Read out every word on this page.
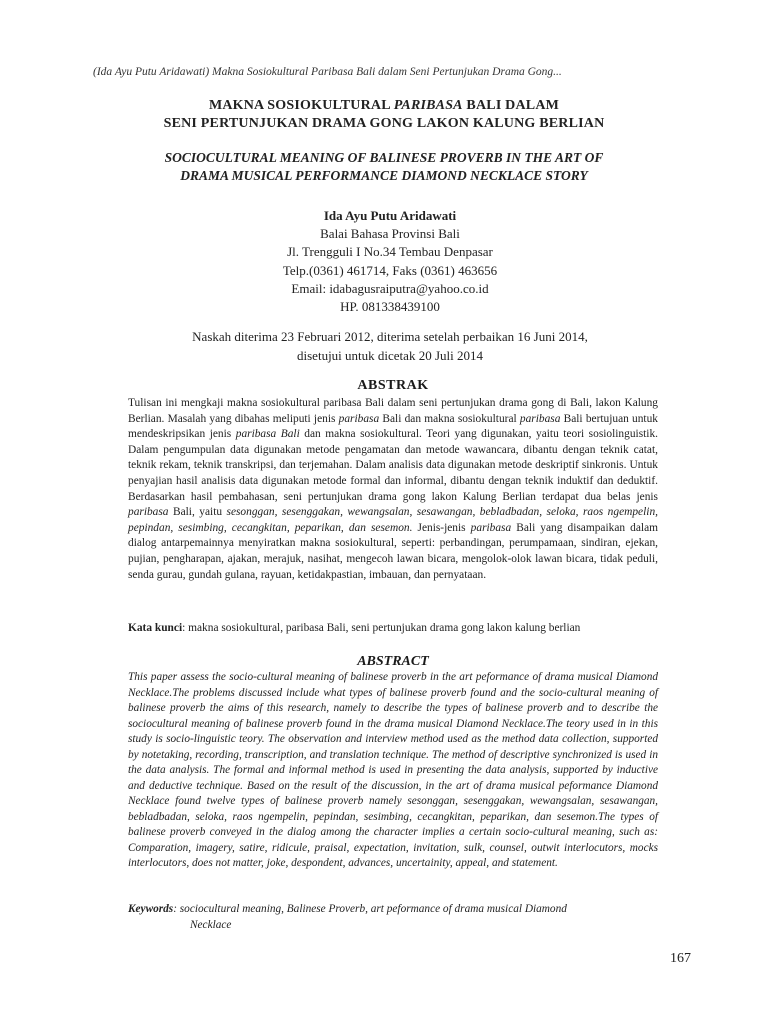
(Ida Ayu Putu Aridawati) Makna Sosiokultural Paribasa Bali dalam Seni Pertunjukan Drama Gong...
MAKNA SOSIOKULTURAL PARIBASA BALI DALAM
SENI PERTUNJUKAN DRAMA GONG LAKON KALUNG BERLIAN
SOCIOCULTURAL MEANING OF BALINESE PROVERB IN THE ART OF
DRAMA MUSICAL PERFORMANCE DIAMOND NECKLACE STORY
Ida Ayu Putu Aridawati
Balai Bahasa Provinsi Bali
Jl. Trengguli I No.34 Tembau Denpasar
Telp.(0361) 461714, Faks (0361) 463656
Email: idabagusraiputra@yahoo.co.id
HP. 081338439100
Naskah diterima 23 Februari 2012, diterima setelah perbaikan 16 Juni 2014,
disetujui untuk dicetak 20 Juli 2014
ABSTRAK
Tulisan ini mengkaji makna sosiokultural paribasa Bali dalam seni pertunjukan drama gong di Bali, lakon Kalung Berlian. Masalah yang dibahas meliputi jenis paribasa Bali dan makna sosiokultural paribasa Bali bertujuan untuk mendeskripsikan jenis paribasa Bali dan makna sosiokultural. Teori yang digunakan, yaitu teori sosiolinguistik. Dalam pengumpulan data digunakan metode pengamatan dan metode wawancara, dibantu dengan teknik catat, teknik rekam, teknik transkripsi, dan terjemahan. Dalam analisis data digunakan metode deskriptif sinkronis. Untuk penyajian hasil analisis data digunakan metode formal dan informal, dibantu dengan teknik induktif dan deduktif. Berdasarkan hasil pembahasan, seni pertunjukan drama gong lakon Kalung Berlian terdapat dua belas jenis paribasa Bali, yaitu sesonggan, sesenggakan, wewangsalan, sesawangan, bebladbadan, seloka, raos ngempelin, pepindan, sesimbing, cecangkitan, peparikan, dan sesemon. Jenis-jenis paribasa Bali yang disampaikan dalam dialog antarpemainnya menyiratkan makna sosiokultural, seperti: perbandingan, perumpamaan, sindiran, ejekan, pujian, pengharapan, ajakan, merajuk, nasihat, mengecoh lawan bicara, mengolok-olok lawan bicara, tidak peduli, senda gurau, gundah gulana, rayuan, ketidakpastian, imbauan, dan pernyataan.
Kata kunci: makna sosiokultural, paribasa Bali, seni pertunjukan drama gong lakon kalung berlian
ABSTRACT
This paper assess the socio-cultural meaning of balinese proverb in the art peformance of drama musical Diamond Necklace.The problems discussed include what types of balinese proverb found and the socio-cultural meaning of balinese proverb the aims of this research, namely to describe the types of balinese proverb and to describe the sociocultural meaning of balinese proverb found in the drama musical Diamond Necklace.The teory used in in this study is socio-linguistic teory. The observation and interview method used as the method data collection, supported by notetaking, recording, transcription, and translation technique. The method of descriptive synchronized is used in the data analysis. The formal and informal method is used in presenting the data analysis, supported by inductive and deductive technique. Based on the result of the discussion, in the art of drama musical peformance Diamond Necklace found twelve types of balinese proverb namely sesonggan, sesenggakan, wewangsalan, sesawangan, bebladbadan, seloka, raos ngempelin, pepindan, sesimbing, cecangkitan, peparikan, dan sesemon.The types of balinese proverb conveyed in the dialog among the character implies a certain socio-cultural meaning, such as: Comparation, imagery, satire, ridicule, praisal, expectation, invitation, sulk, counsel, outwit interlocutors, mocks interlocutors, does not matter, joke, despondent, advances, uncertainity, appeal, and statement.
Keywords: sociocultural meaning, Balinese Proverb, art peformance of drama musical Diamond
Necklace
167
